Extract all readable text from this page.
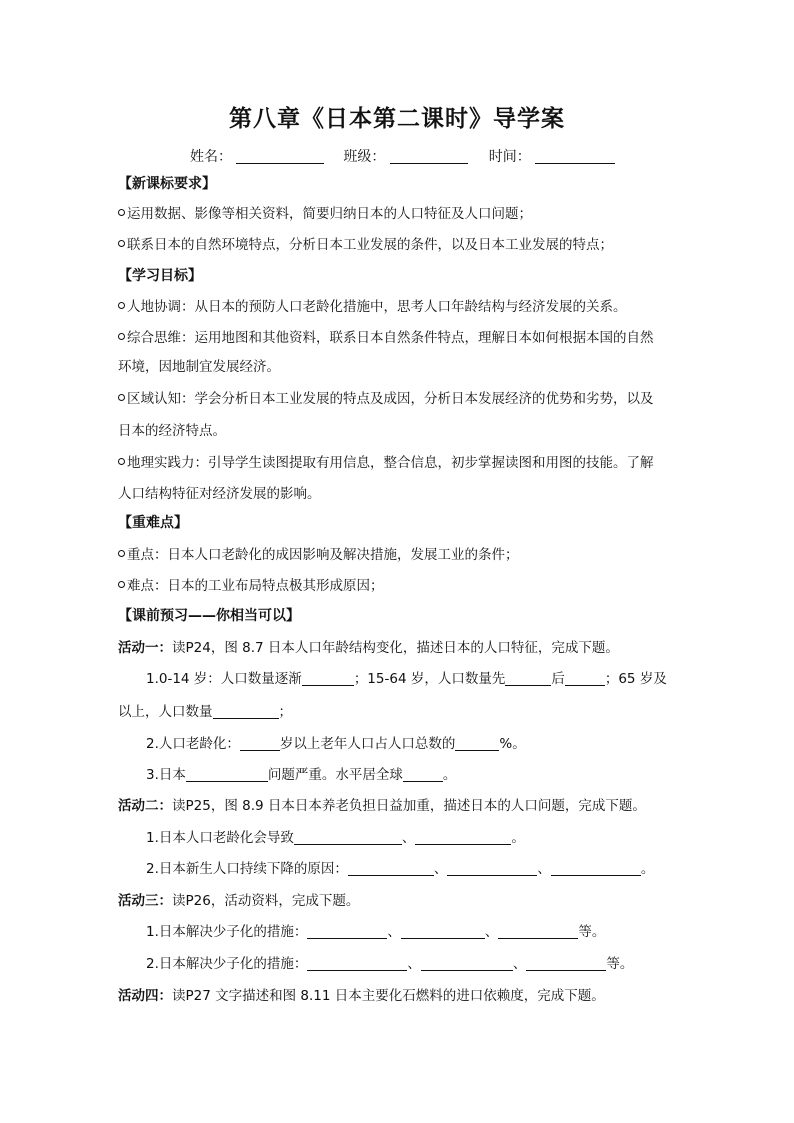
第八章《日本第二课时》导学案
姓名：	班级：	时间：
【新课标要求】
运用数据、影像等相关资料，简要归纳日本的人口特征及人口问题；
联系日本的自然环境特点，分析日本工业发展的条件，以及日本工业发展的特点；
【学习目标】
人地协调：从日本的预防人口老龄化措施中，思考人口年龄结构与经济发展的关系。
综合思维：运用地图和其他资料，联系日本自然条件特点，理解日本如何根据本国的自然
环境，因地制宜发展经济。
区域认知：学会分析日本工业发展的特点及成因，分析日本发展经济的优势和劣势，以及
日本的经济特点。
地理实践力：引导学生读图提取有用信息，整合信息，初步掌握读图和用图的技能。了解
人口结构特征对经济发展的影响。
【重难点】
重点：日本人口老龄化的成因影响及解决措施，发展工业的条件；
难点：日本的工业布局特点极其形成原因；
【课前预习——你相当可以】
活动一：读P24，图 8.7 日本人口年龄结构变化，描述日本的人口特征，完成下题。
1.0-14 岁：人口数量逐渐	；15-64 岁，人口数量先	后	；65 岁及
以上，人口数量	；
2.人口老龄化：	岁以上老年人口占人口总数的	%。
3.日本	问题严重。水平居全球	。
活动二：读P25，图 8.9 日本日本养老负担日益加重，描述日本的人口问题，完成下题。
1.日本人口老龄化会导致	、	。
2.日本新生人口持续下降的原因：	、	、	。
活动三：读P26，活动资料，完成下题。
1.日本解决少子化的措施：	、	、	等。
2.日本解决少子化的措施：	、	、	等。
活动四：读P27 文字描述和图 8.11 日本主要化石燃料的进口依赖度，完成下题。
